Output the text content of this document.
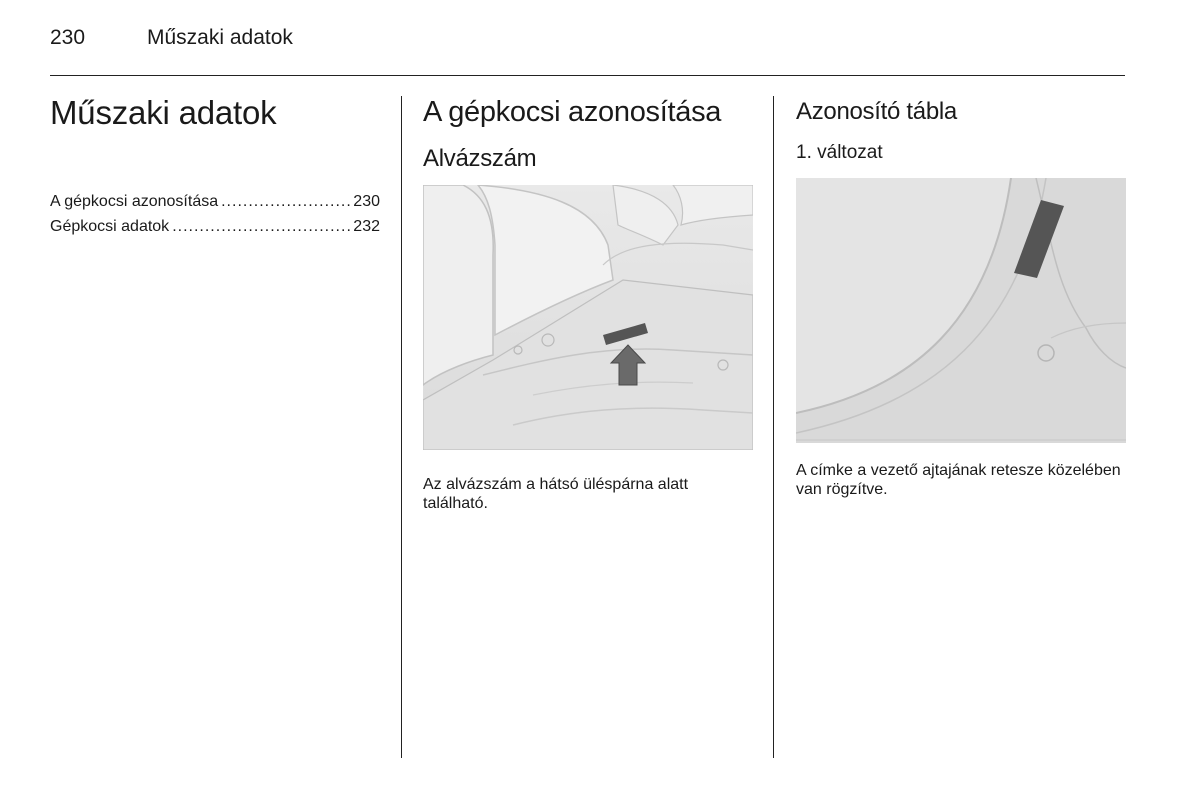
230	Műszaki adatok
Műszaki adatok
A gépkocsi azonosítása .....	230
Gépkocsi adatok .....	232
A gépkocsi azonosítása
Alvázszám

Az alvázszám a hátsó üléspárna alatt található.

Azonosító tábla
1. változat

A címke a vezető ajtajának retesze közelében van rögzítve.
